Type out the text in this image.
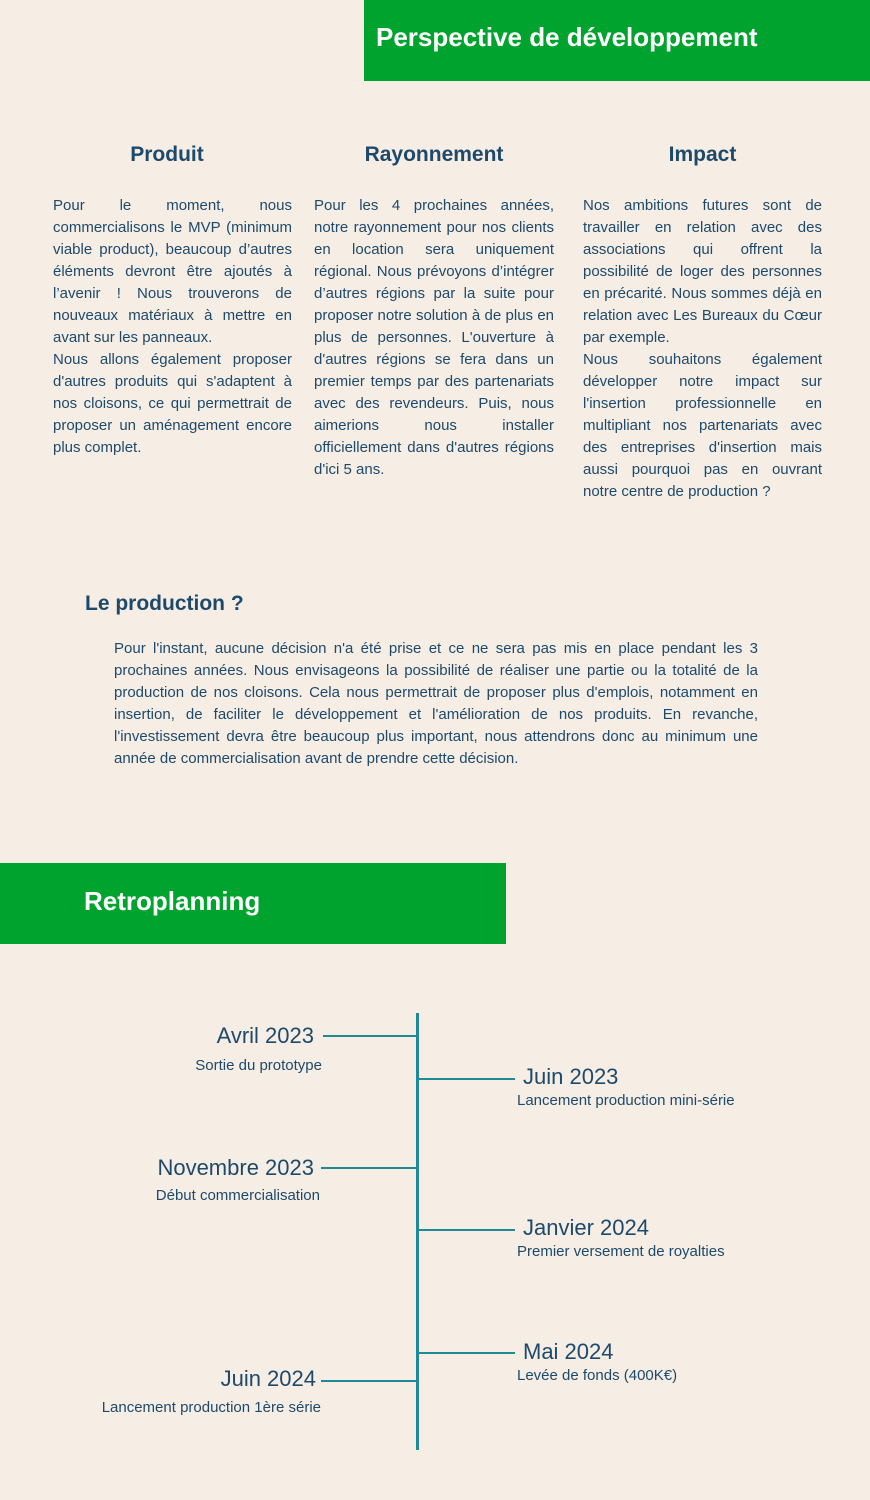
Perspective de développement
Produit

Pour le moment, nous commercialisons le MVP (minimum viable product), beaucoup d’autres éléments devront être ajoutés à l’avenir ! Nous trouverons de nouveaux matériaux à mettre en avant sur les panneaux.

Nous allons également proposer d'autres produits qui s'adaptent à nos cloisons, ce qui permettrait de proposer un aménagement encore plus complet.

Rayonnement

Pour les 4 prochaines années, notre rayonnement pour nos clients en location sera uniquement régional. Nous prévoyons d’intégrer d’autres régions par la suite pour proposer notre solution à de plus en plus de personnes. L'ouverture à d'autres régions se fera dans un premier temps par des partenariats avec des revendeurs. Puis, nous aimerions nous installer officiellement dans d'autres régions d'ici 5 ans.

Impact

Nos ambitions futures sont de travailler en relation avec des associations qui offrent la possibilité de loger des personnes en précarité. Nous sommes déjà en relation avec Les Bureaux du Cœur par exemple.

Nous souhaitons également développer notre impact sur l'insertion professionnelle en multipliant nos partenariats avec des entreprises d'insertion mais aussi pourquoi pas en ouvrant notre centre de production ?

Le production ?
Pour l'instant, aucune décision n'a été prise et ce ne sera pas mis en place pendant les 3 prochaines années. Nous envisageons la possibilité de réaliser une partie ou la totalité de la production de nos cloisons. Cela nous permettrait de proposer plus d'emplois, notamment en insertion, de faciliter le développement et l'amélioration de nos produits. En revanche, l'investissement devra être beaucoup plus important, nous attendrons donc au minimum une année de commercialisation avant de prendre cette décision.
Retroplanning
Avril 2023
Sortie du prototype	Juin 2023
Lancement production mini-série
Novembre 2023
Début commercialisation
Janvier 2024
Premier versement de royalties
Mai 2024
Levée de fonds (400K€)
Juin 2024
Lancement production 1ère série
